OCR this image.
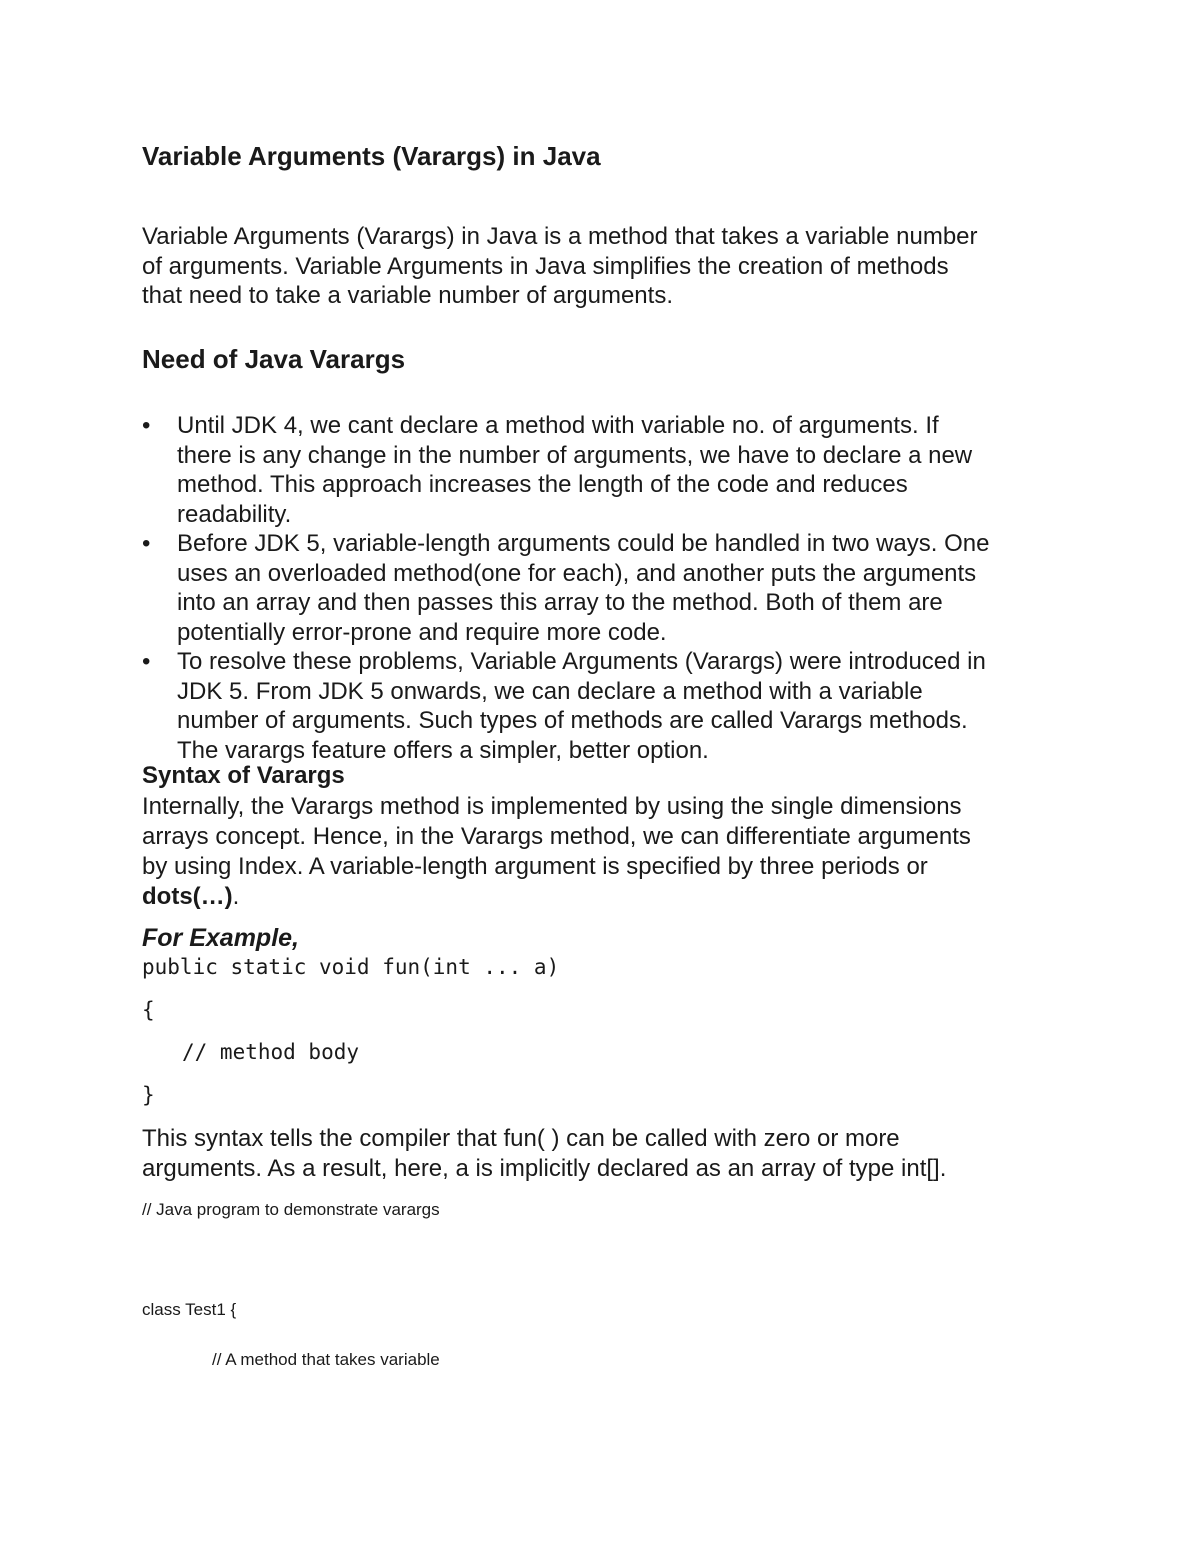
Variable Arguments (Varargs) in Java
Variable Arguments (Varargs) in Java is a method that takes a variable number
of arguments. Variable Arguments in Java simplifies the creation of methods
that need to take a variable number of arguments.
Need of Java Varargs
• Until JDK 4, we cant declare a method with variable no. of arguments. If
there is any change in the number of arguments, we have to declare a new
method. This approach increases the length of the code and reduces
readability.
• Before JDK 5, variable-length arguments could be handled in two ways. One
uses an overloaded method(one for each), and another puts the arguments
into an array and then passes this array to the method. Both of them are
potentially error-prone and require more code.
• To resolve these problems, Variable Arguments (Varargs) were introduced in
JDK 5. From JDK 5 onwards, we can declare a method with a variable
number of arguments. Such types of methods are called Varargs methods.
The varargs feature offers a simpler, better option.
Syntax of Varargs
Internally, the Varargs method is implemented by using the single dimensions
arrays concept. Hence, in the Varargs method, we can differentiate arguments
by using Index. A variable-length argument is specified by three periods or
dots(…).
For Example,
public static void fun(int ... a)
{
// method body
}
This syntax tells the compiler that fun( ) can be called with zero or more
arguments. As a result, here, a is implicitly declared as an array of type int[].
// Java program to demonstrate varargs
class Test1 {
// A method that takes variable
